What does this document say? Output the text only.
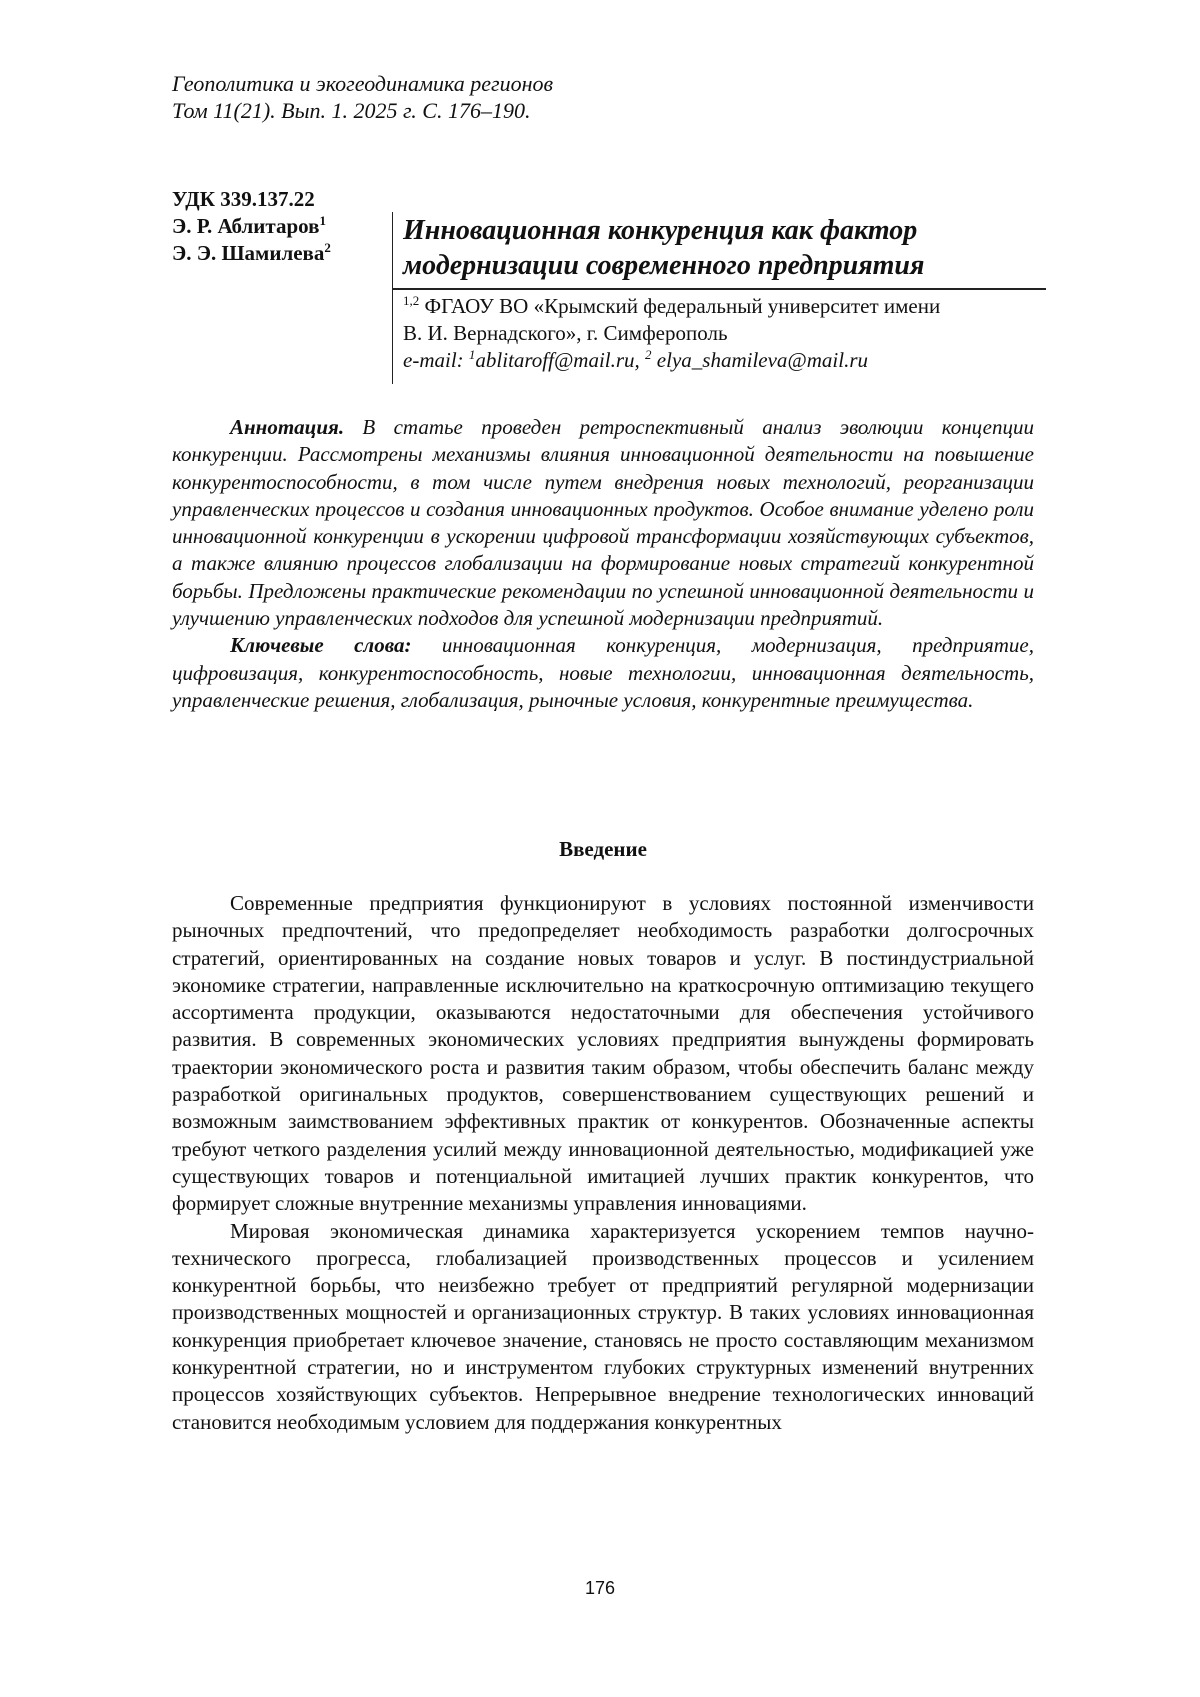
Геополитика и экогеодинамика регионов
Том 11(21). Вып. 1. 2025 г. С. 176–190.
УДК 339.137.22
Э. Р. Аблитаров$^1$
Э. Э. Шамилева$^2$
Инновационная конкуренция как фактор
модернизации современного предприятия
$^{1,2}$ ФГАОУ ВО «Крымский федеральный университет имени
В. И. Вернадского», г. Симферополь
e-mail: $^1$ablitaroff@mail.ru, $^2$ elya_shamileva@mail.ru

Аннотация. В статье проведен ретроспективный анализ эволюции концепции конкуренции. Рассмотрены механизмы влияния инновационной деятельности на повышение конкурентоспособности, в том числе путем внедрения новых технологий, реорганизации управленческих процессов и создания инновационных продуктов. Особое внимание уделено роли инновационной конкуренции в ускорении цифровой трансформации хозяйствующих субъектов, а также влиянию процессов глобализации на формирование новых стратегий конкурентной борьбы. Предложены практические рекомендации по успешной инновационной деятельности и улучшению управленческих подходов для успешной модернизации предприятий.

Ключевые слова: инновационная конкуренция, модернизация, предприятие, цифровизация, конкурентоспособность, новые технологии, инновационная деятельность, управленческие решения, глобализация, рыночные условия, конкурентные преимущества.

Введение

Современные предприятия функционируют в условиях постоянной изменчивости рыночных предпочтений, что предопределяет необходимость разработки долгосрочных стратегий, ориентированных на создание новых товаров и услуг. В постиндустриальной экономике стратегии, направленные исключительно на краткосрочную оптимизацию текущего ассортимента продукции, оказываются недостаточными для обеспечения устойчивого развития. В современных экономических условиях предприятия вынуждены формировать траектории экономического роста и развития таким образом, чтобы обеспечить баланс между разработкой оригинальных продуктов, совершенствованием существующих решений и возможным заимствованием эффективных практик от конкурентов. Обозначенные аспекты требуют четкого разделения усилий между инновационной деятельностью, модификацией уже существующих товаров и потенциальной имитацией лучших практик конкурентов, что формирует сложные внутренние механизмы управления инновациями.

Мировая экономическая динамика характеризуется ускорением темпов научно-технического прогресса, глобализацией производственных процессов и усилением конкурентной борьбы, что неизбежно требует от предприятий регулярной модернизации производственных мощностей и организационных структур. В таких условиях инновационная конкуренция приобретает ключевое значение, становясь не просто составляющим механизмом конкурентной стратегии, но и инструментом глубоких структурных изменений внутренних процессов хозяйствующих субъектов. Непрерывное внедрение технологических инноваций становится необходимым условием для поддержания конкурентных

176
